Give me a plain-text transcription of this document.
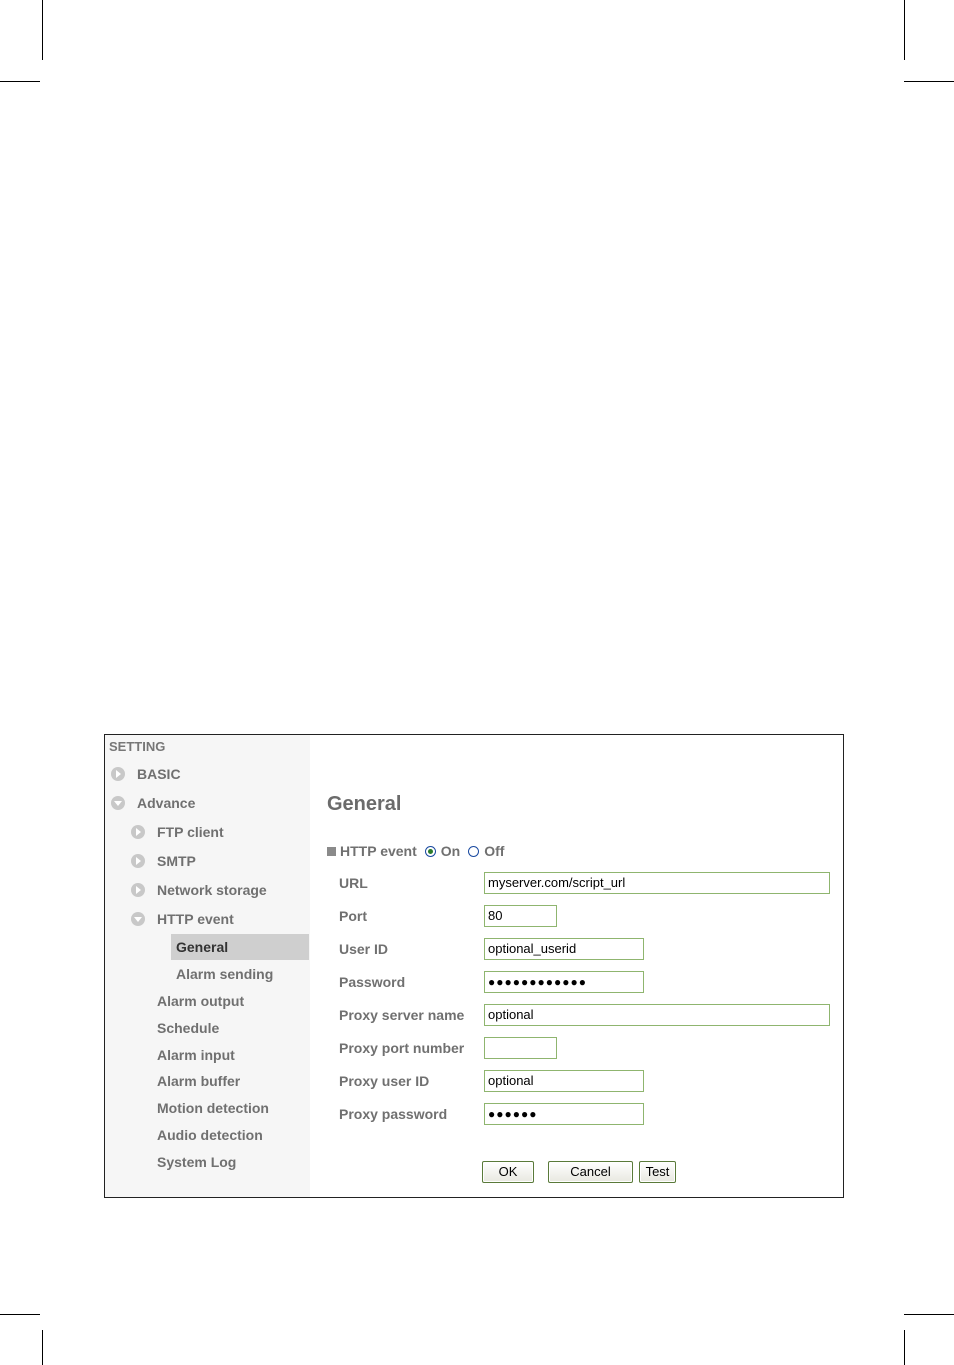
SETTING
BASIC
Advance
FTP client
SMTP
Network storage
HTTP event
General
Alarm sending
Alarm output
Schedule
Alarm input
Alarm buffer
Motion detection
Audio detection
System Log
General
HTTP event On Off
URL	myserver.com/script_url
Port	80
User ID	optional_userid
Password	●●●●●●●●●●●●
Proxy server name	optional
Proxy port number
Proxy user ID	optional
Proxy password	●●●●●●
OK	Cancel	Test
